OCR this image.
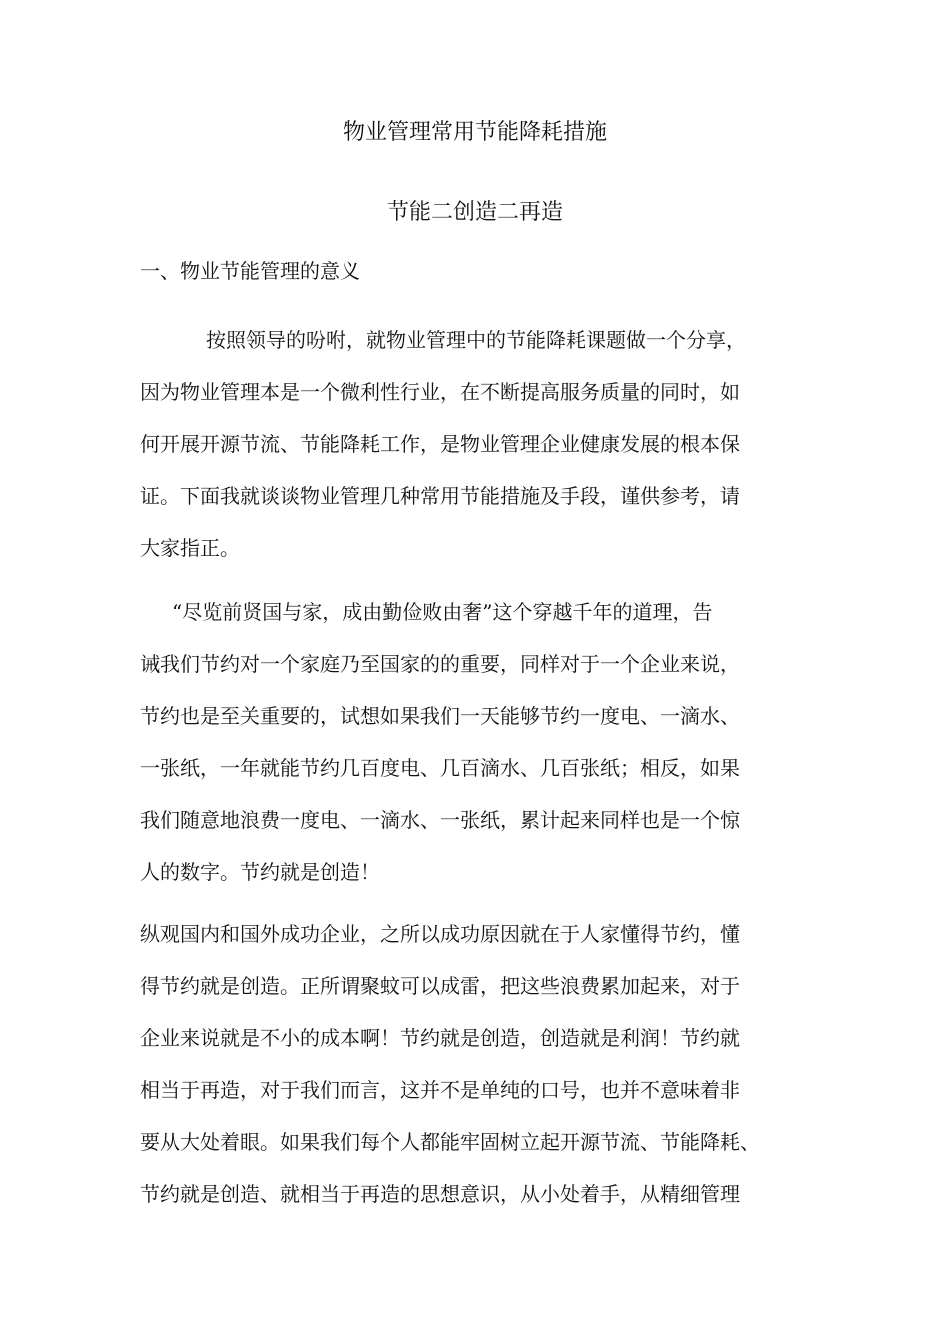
物业管理常用节能降耗措施
节能二创造二再造
一、物业节能管理的意义
按照领导的吩咐，就物业管理中的节能降耗课题做一个分享，
因为物业管理本是一个微利性行业，在不断提高服务质量的同时，如
何开展开源节流、节能降耗工作，是物业管理企业健康发展的根本保
证。下面我就谈谈物业管理几种常用节能措施及手段，谨供参考，请
大家指正。
“尽览前贤国与家，成由勤俭败由奢”这个穿越千年的道理，告
诫我们节约对一个家庭乃至国家的的重要，同样对于一个企业来说，
节约也是至关重要的，试想如果我们一天能够节约一度电、一滴水、
一张纸，一年就能节约几百度电、几百滴水、几百张纸；相反，如果
我们随意地浪费一度电、一滴水、一张纸，累计起来同样也是一个惊
人的数字。节约就是创造！
纵观国内和国外成功企业，之所以成功原因就在于人家懂得节约，懂
得节约就是创造。正所谓聚蚊可以成雷，把这些浪费累加起来，对于
企业来说就是不小的成本啊！节约就是创造，创造就是利润！节约就
相当于再造，对于我们而言，这并不是单纯的口号，也并不意味着非
要从大处着眼。如果我们每个人都能牢固树立起开源节流、节能降耗、
节约就是创造、就相当于再造的思想意识，从小处着手，从精细管理
